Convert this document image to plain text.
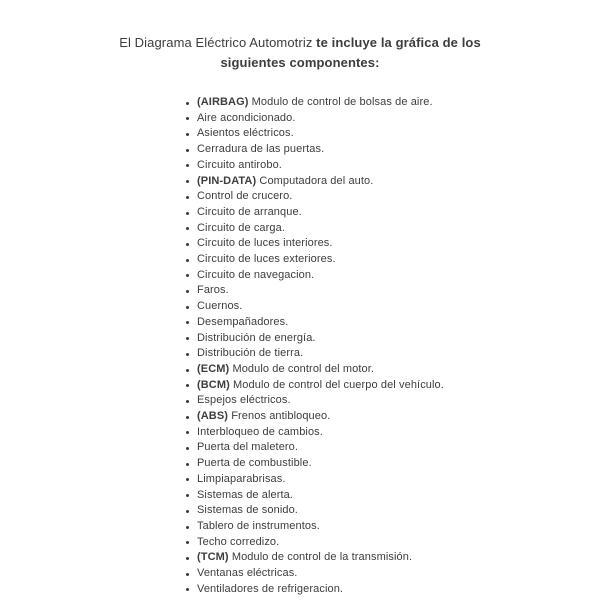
El Diagrama Eléctrico Automotriz te incluye la gráfica de los siguientes componentes:
(AIRBAG) Modulo de control de bolsas de aire.
Aire acondicionado.
Asientos eléctricos.
Cerradura de las puertas.
Circuito antirobo.
(PIN-DATA) Computadora del auto.
Control de crucero.
Circuito de arranque.
Circuito de carga.
Circuito de luces interiores.
Circuito de luces exteriores.
Circuito de navegacion.
Faros.
Cuernos.
Desempañadores.
Distribución de energía.
Distribución de tierra.
(ECM) Modulo de control del motor.
(BCM) Modulo de control del cuerpo del vehículo.
Espejos eléctricos.
(ABS) Frenos antibloqueo.
Interbloqueo de cambios.
Puerta del maletero.
Puerta de combustible.
Limpiaparabrisas.
Sistemas de alerta.
Sistemas de sonido.
Tablero de instrumentos.
Techo corredizo.
(TCM) Modulo de control de la transmisión.
Ventanas eléctricas.
Ventiladores de refrigeracion.
